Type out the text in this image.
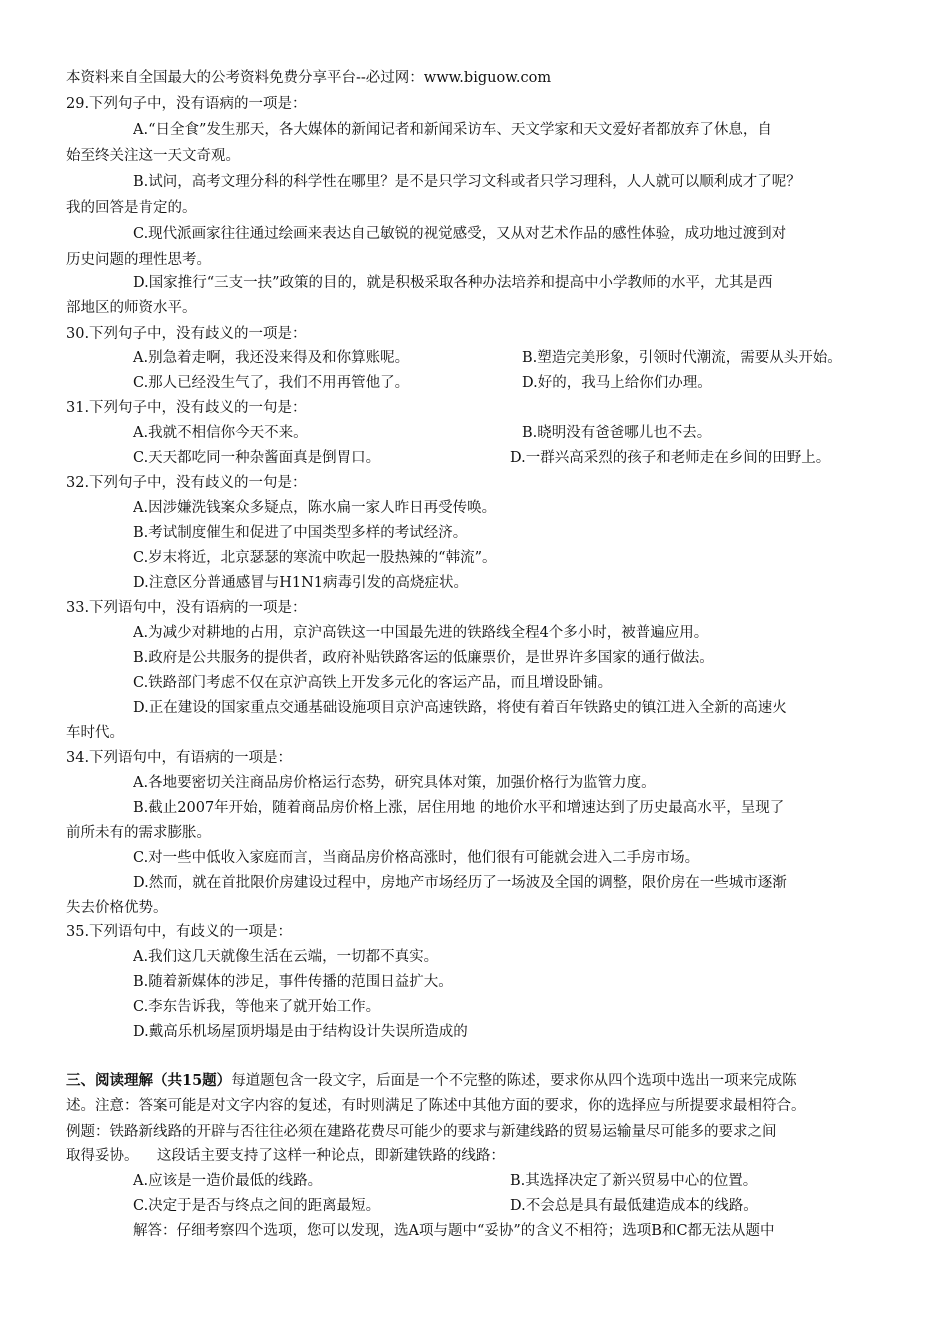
本资料来自全国最大的公考资料免费分享平台--必过网：www.biguow.com
29.下列句子中，没有语病的一项是：
A.“日全食”发生那天，各大媒体的新闻记者和新闻采访车、天文学家和天文爱好者都放弃了休息，自
始至终关注这一天文奇观。
B.试问，高考文理分科的科学性在哪里？是不是只学习文科或者只学习理科，人人就可以顺利成才了呢？
我的回答是肯定的。
C.现代派画家往往通过绘画来表达自己敏锐的视觉感受，又从对艺术作品的感性体验，成功地过渡到对
历史问题的理性思考。
D.国家推行“三支一扶”政策的目的，就是积极采取各种办法培养和提高中小学教师的水平，尤其是西
部地区的师资水平。
30.下列句子中，没有歧义的一项是：
A.别急着走啊，我还没来得及和你算账呢。	B.塑造完美形象，引领时代潮流，需要从头开始。
C.那人已经没生气了，我们不用再管他了。	D.好的，我马上给你们办理。
31.下列句子中，没有歧义的一句是：
A.我就不相信你今天不来。	B.晓明没有爸爸哪儿也不去。
C.天天都吃同一种杂酱面真是倒胃口。	D.一群兴高采烈的孩子和老师走在乡间的田野上。
32.下列句子中，没有歧义的一句是：
A.因涉嫌洗钱案众多疑点，陈水扁一家人昨日再受传唤。
B.考试制度催生和促进了中国类型多样的考试经济。
C.岁末将近，北京瑟瑟的寒流中吹起一股热辣的“韩流”。
D.注意区分普通感冒与H1N1病毒引发的高烧症状。
33.下列语句中，没有语病的一项是：
A.为减少对耕地的占用，京沪高铁这一中国最先进的铁路线全程4个多小时，被普遍应用。
B.政府是公共服务的提供者，政府补贴铁路客运的低廉票价，是世界许多国家的通行做法。
C.铁路部门考虑不仅在京沪高铁上开发多元化的客运产品，而且增设卧铺。
D.正在建设的国家重点交通基础设施项目京沪高速铁路，将使有着百年铁路史的镇江进入全新的高速火
车时代。
34.下列语句中，有语病的一项是：
A.各地要密切关注商品房价格运行态势，研究具体对策，加强价格行为监管力度。
B.截止2007年开始，随着商品房价格上涨，居住用地 的地价水平和增速达到了历史最高水平，呈现了
前所未有的需求膨胀。
C.对一些中低收入家庭而言，当商品房价格高涨时，他们很有可能就会进入二手房市场。
D.然而，就在首批限价房建设过程中，房地产市场经历了一场波及全国的调整，限价房在一些城市逐渐
失去价格优势。
35.下列语句中，有歧义的一项是：
A.我们这几天就像生活在云端，一切都不真实。
B.随着新媒体的涉足，事件传播的范围日益扩大。
C.李东告诉我，等他来了就开始工作。
D.戴高乐机场屋顶坍塌是由于结构设计失误所造成的
三、阅读理解（共15题）每道题包含一段文字，后面是一个不完整的陈述，要求你从四个选项中选出一项来完成陈
述。注意：答案可能是对文字内容的复述，有时则满足了陈述中其他方面的要求，你的选择应与所提要求最相符合。
例题：铁路新线路的开辟与否往往必须在建路花费尽可能少的要求与新建线路的贸易运输量尽可能多的要求之间
取得妥协。    这段话主要支持了这样一种论点，即新建铁路的线路：
A.应该是一造价最低的线路。	B.其选择决定了新兴贸易中心的位置。
C.决定于是否与终点之间的距离最短。	D.不会总是具有最低建造成本的线路。
解答：仔细考察四个选项，您可以发现，选A项与题中“妥协”的含义不相符；选项B和C都无法从题中
